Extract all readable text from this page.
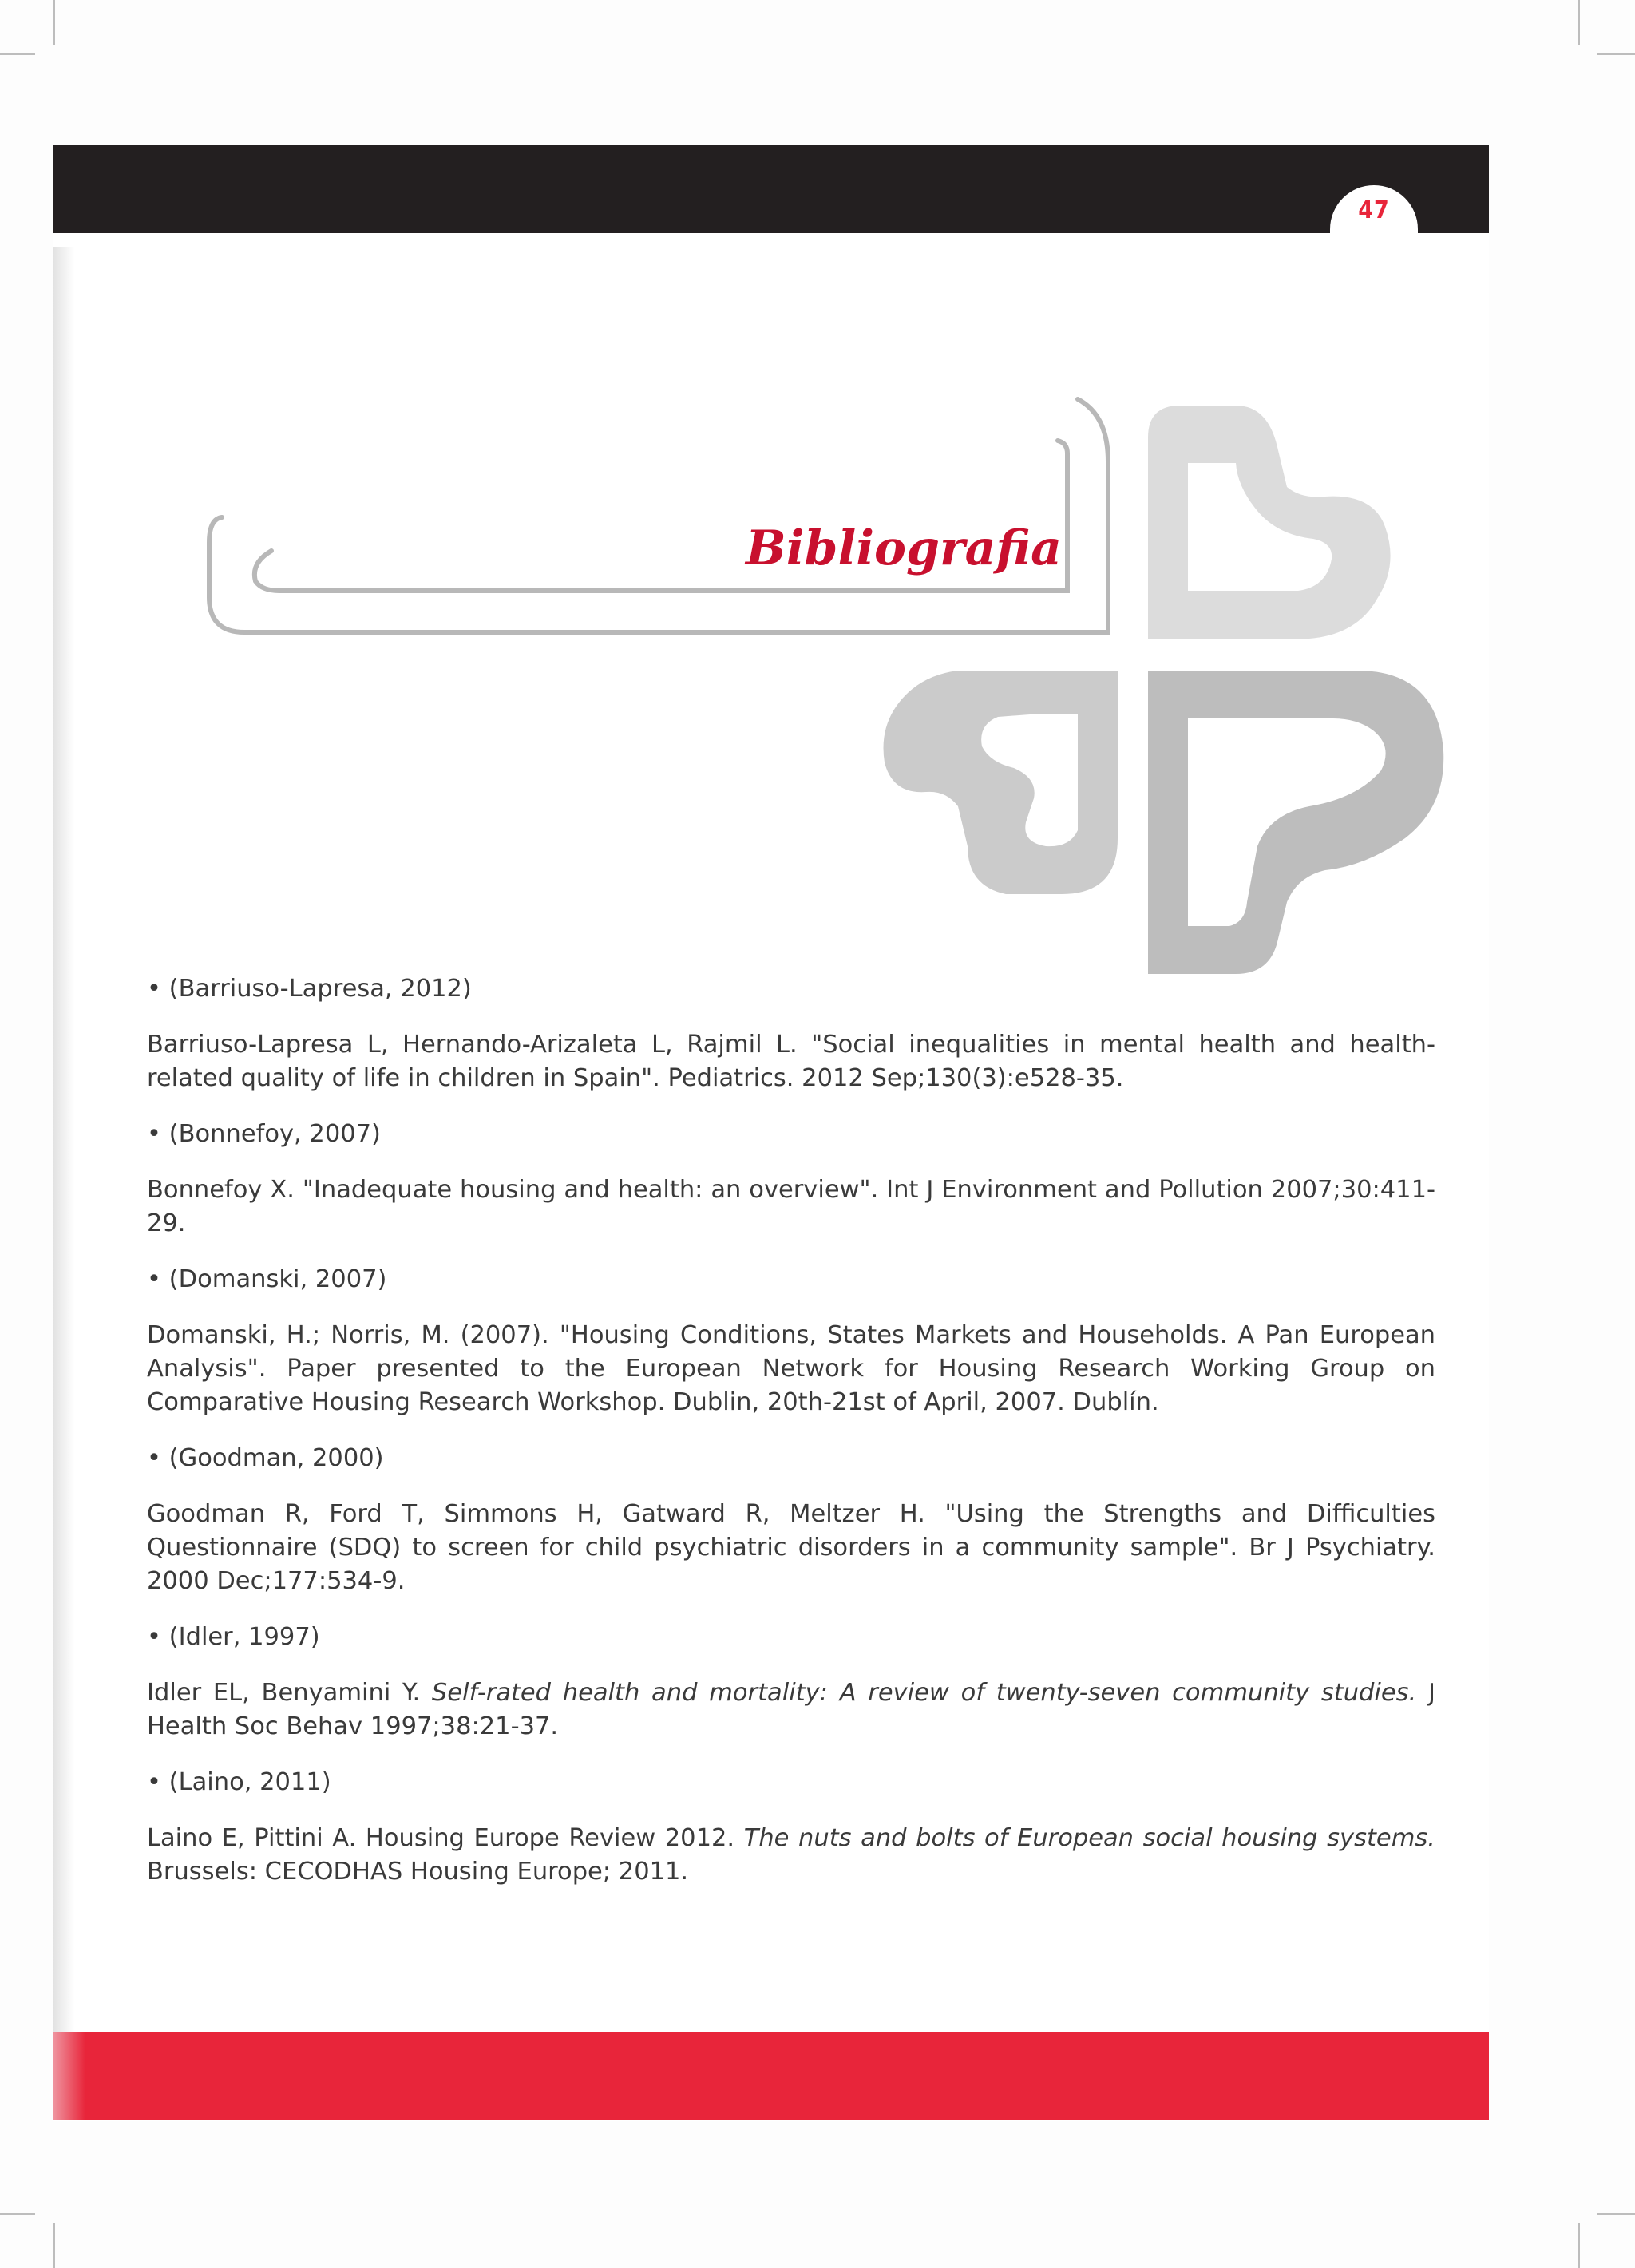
47
Bibliografia

• (Barriuso-Lapresa, 2012)

Barriuso-Lapresa L, Hernando-Arizaleta L, Rajmil L. "Social inequalities in mental health and health-related quality of life in children in Spain". Pediatrics. 2012 Sep;130(3):e528-35.

• (Bonnefoy, 2007)

Bonnefoy X. "Inadequate housing and health: an overview". Int J Environment and Pollution 2007;30:411-29.

• (Domanski, 2007)

Domanski, H.; Norris, M. (2007). "Housing Conditions, States Markets and Households. A Pan European Analysis". Paper presented to the European Network for Housing Research Working Group on Comparative Housing Research Workshop. Dublin, 20th-21st of April, 2007. Dublín.

• (Goodman, 2000)

Goodman R, Ford T, Simmons H, Gatward R, Meltzer H. "Using the Strengths and Difficulties Questionnaire (SDQ) to screen for child psychiatric disorders in a community sample". Br J Psychiatry. 2000 Dec;177:534-9.

• (Idler, 1997)

Idler EL, Benyamini Y. Self-rated health and mortality: A review of twenty-seven community studies. J Health Soc Behav 1997;38:21-37.

• (Laino, 2011)

Laino E, Pittini A. Housing Europe Review 2012. The nuts and bolts of European social housing systems. Brussels: CECODHAS Housing Europe; 2011.
